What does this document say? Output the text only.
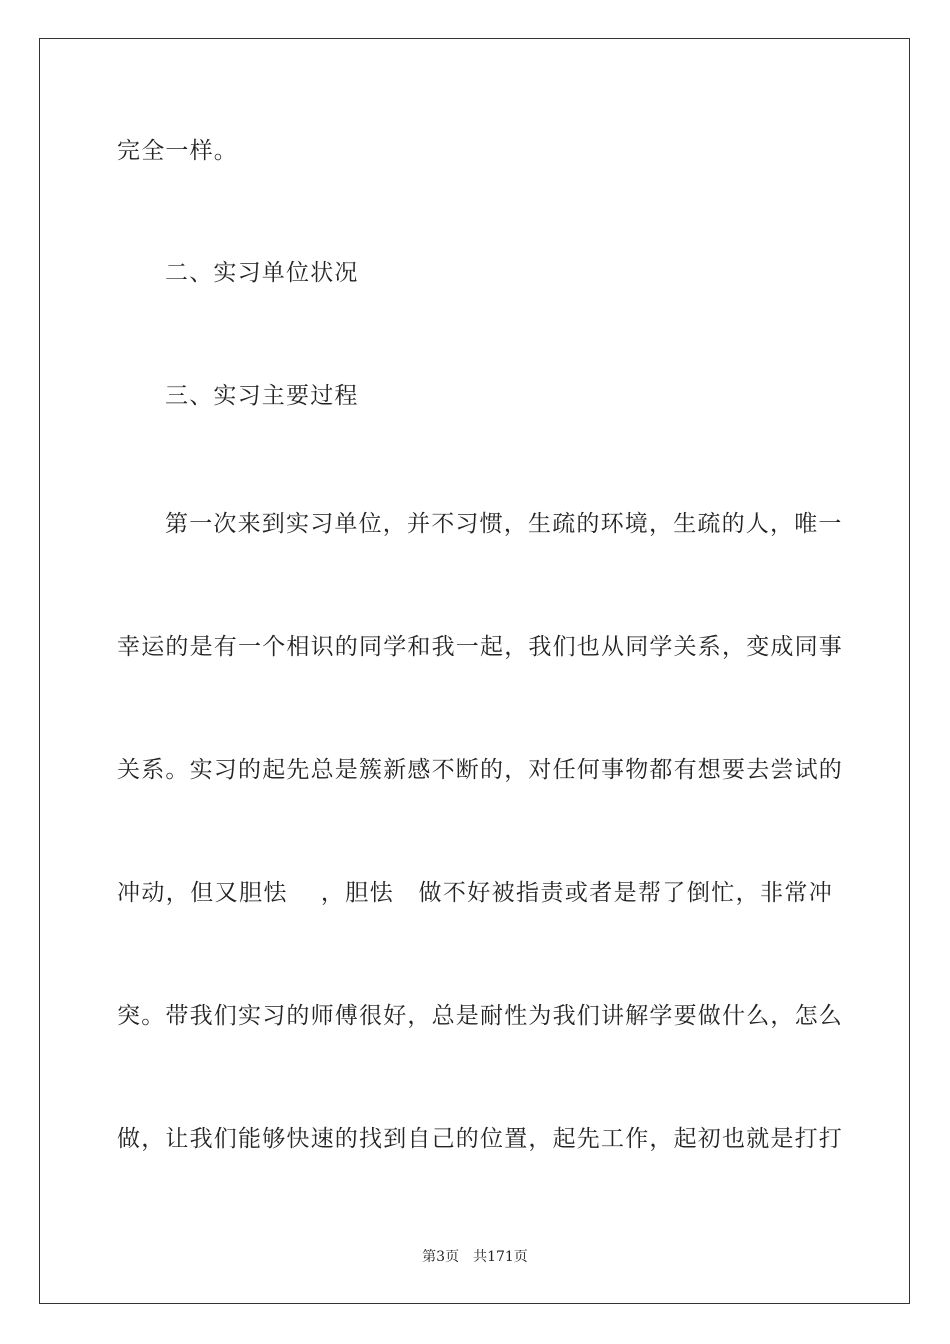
完全一样。
二、实习单位状况
三、实习主要过程
第一次来到实习单位，并不习惯，生疏的环境，生疏的人，唯一
幸运的是有一个相识的同学和我一起，我们也从同学关系，变成同事
关系。实习的起先总是簇新感不断的，对任何事物都有想要去尝试的
冲动，但又胆怯　 ，胆怯　做不好被指责或者是帮了倒忙，非常冲
突。带我们实习的师傅很好，总是耐性为我们讲解学要做什么，怎么
做，让我们能够快速的找到自己的位置，起先工作，起初也就是打打
第3页　共171页
